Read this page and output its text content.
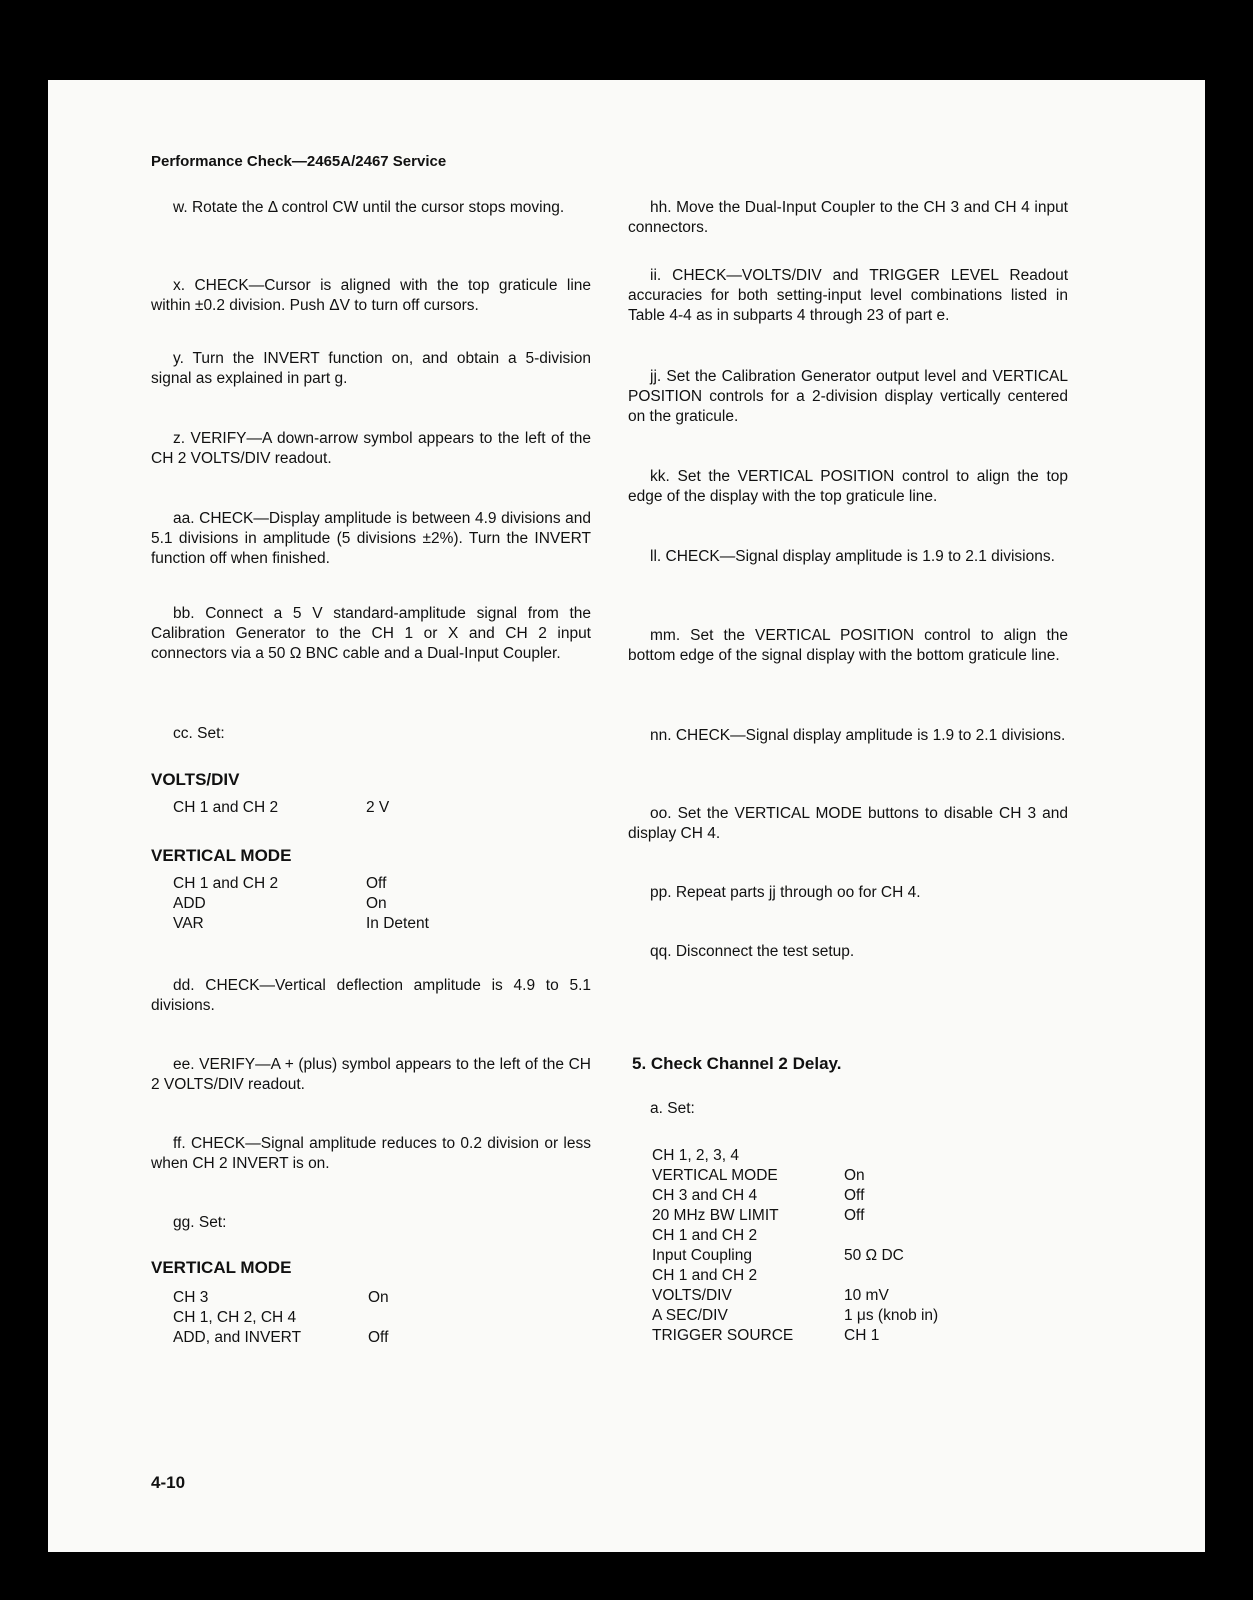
Performance Check—2465A/2467 Service

w. Rotate the Δ control CW until the cursor stops moving.

x. CHECK—Cursor is aligned with the top graticule line within ±0.2 division. Push ΔV to turn off cursors.

y. Turn the INVERT function on, and obtain a 5-division signal as explained in part g.

z. VERIFY—A down-arrow symbol appears to the left of the CH 2 VOLTS/DIV readout.

aa. CHECK—Display amplitude is between 4.9 divisions and 5.1 divisions in amplitude (5 divisions ±2%). Turn the INVERT function off when finished.

bb. Connect a 5 V standard-amplitude signal from the Calibration Generator to the CH 1 or X and CH 2 input connectors via a 50 Ω BNC cable and a Dual-Input Coupler.

cc. Set:

VOLTS/DIV
CH 1 and CH 2	2 V
VERTICAL MODE
CH 1 and CH 2	Off
ADD	On
VAR	In Detent

dd. CHECK—Vertical deflection amplitude is 4.9 to 5.1 divisions.

ee. VERIFY—A + (plus) symbol appears to the left of the CH 2 VOLTS/DIV readout.

ff. CHECK—Signal amplitude reduces to 0.2 division or less when CH 2 INVERT is on.

gg. Set:

VERTICAL MODE
CH 3	On
CH 1, CH 2, CH 4
ADD, and INVERT	Off

hh. Move the Dual-Input Coupler to the CH 3 and CH 4 input connectors.

ii. CHECK—VOLTS/DIV and TRIGGER LEVEL Readout accuracies for both setting-input level combinations listed in Table 4-4 as in subparts 4 through 23 of part e.

jj. Set the Calibration Generator output level and VERTICAL POSITION controls for a 2-division display vertically centered on the graticule.

kk. Set the VERTICAL POSITION control to align the top edge of the display with the top graticule line.

ll. CHECK—Signal display amplitude is 1.9 to 2.1 divisions.

mm. Set the VERTICAL POSITION control to align the bottom edge of the signal display with the bottom graticule line.

nn. CHECK—Signal display amplitude is 1.9 to 2.1 divisions.

oo. Set the VERTICAL MODE buttons to disable CH 3 and display CH 4.

pp. Repeat parts jj through oo for CH 4.

qq. Disconnect the test setup.

5. Check Channel 2 Delay.

a. Set:

CH 1, 2, 3, 4
VERTICAL MODE	On
CH 3 and CH 4	Off
20 MHz BW LIMIT	Off
CH 1 and CH 2
Input Coupling	50 Ω DC
CH 1 and CH 2
VOLTS/DIV	10 mV
A SEC/DIV	1 μs (knob in)
TRIGGER SOURCE	CH 1
4-10
